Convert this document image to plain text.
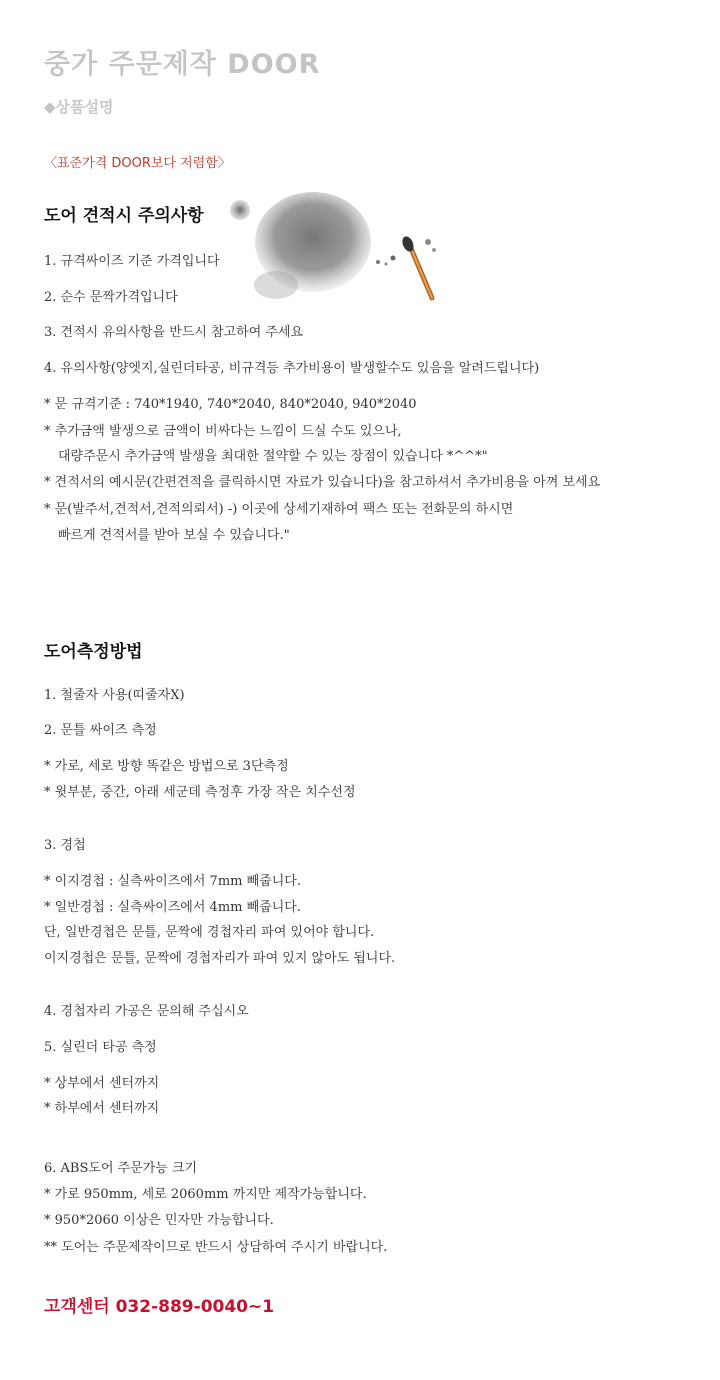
중가 주문제작 DOOR
◆상품설명
〈표준가격 DOOR보다 저렴함〉
도어 견적시 주의사항
1. 규격싸이즈 기준 가격입니다
2. 순수 문짝가격입니다
3. 견적시 유의사항을 반드시 참고하여 주세요
4. 유의사항(양엣지,실린더타공, 비규격등 추가비용이 발생할수도 있음을 알려드립니다)
* 문 규격기준 : 740*1940, 740*2040, 840*2040, 940*2040
* 추가금액 발생으로 금액이 비싸다는 느낌이 드실 수도 있으나,
대량주문시 추가금액 발생을 최대한 절약할 수 있는 장점이 있습니다 *^^*"
* 견적서의 예시문(간편견적을 클릭하시면 자료가 있습니다)을 참고하셔서 추가비용을 아껴 보세요
* 문(발주서,견적서,견적의뢰서) -) 이곳에 상세기재하여 팩스 또는 전화문의 하시면
빠르게 견적서를 받아 보실 수 있습니다."
도어측정방법
1. 철줄자 사용(띠줄자X)
2. 문틀 싸이즈 측정
* 가로, 세로 방향 똑같은 방법으로 3단측정
* 윗부분, 중간, 아래 세군데 측정후 가장 작은 치수선정
3. 경첩
* 이지경첩 : 실측싸이즈에서 7mm 빼줍니다.
* 일반경첩 : 실측싸이즈에서 4mm 빼줍니다.
단, 일반경첩은 문틀, 문짝에 경첩자리 파여 있어야 합니다.
이지경첩은 문틀, 문짝에 경첩자리가 파여 있지 않아도 됩니다.
4. 경첩자리 가공은 문의해 주십시오
5. 실린더 타공 측정
* 상부에서 센터까지
* 하부에서 센터까지
6. ABS도어 주문가능 크기
* 가로 950mm, 세로 2060mm 까지만 제작가능합니다.
* 950*2060 이상은 민자만 가능합니다.
** 도어는 주문제작이므로 반드시 상담하여 주시기 바랍니다.
고객센터 032-889-0040~1
